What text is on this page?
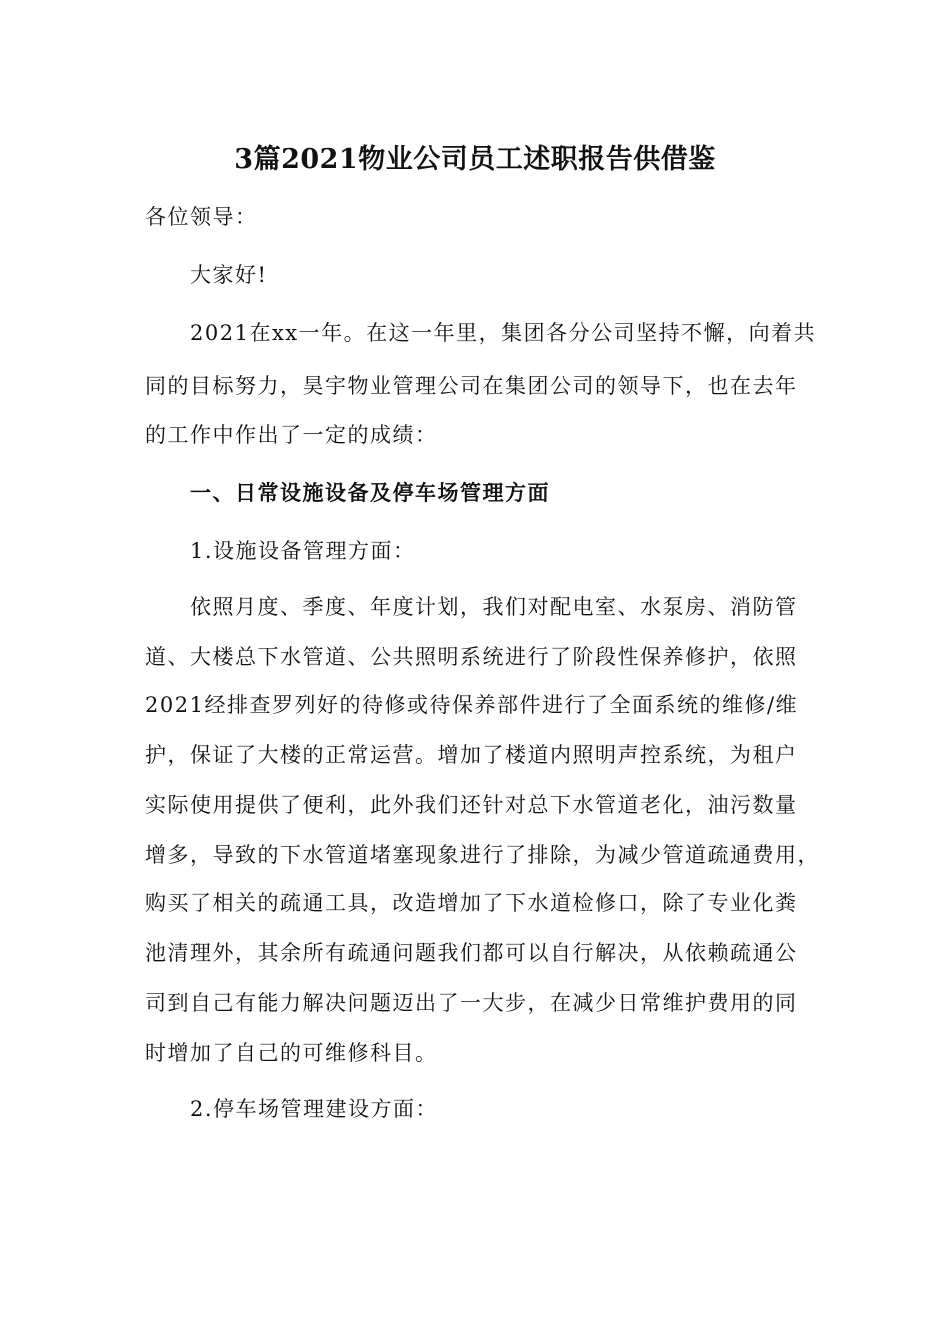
3篇2021物业公司员工述职报告供借鉴
各位领导：
大家好!
2021在xx一年。在这一年里，集团各分公司坚持不懈，向着共
同的目标努力，昊宇物业管理公司在集团公司的领导下，也在去年
的工作中作出了一定的成绩：
一、日常设施设备及停车场管理方面
1.设施设备管理方面：
依照月度、季度、年度计划，我们对配电室、水泵房、消防管
道、大楼总下水管道、公共照明系统进行了阶段性保养修护，依照
2021经排查罗列好的待修或待保养部件进行了全面系统的维修/维
护，保证了大楼的正常运营。增加了楼道内照明声控系统，为租户
实际使用提供了便利，此外我们还针对总下水管道老化，油污数量
增多，导致的下水管道堵塞现象进行了排除，为减少管道疏通费用，
购买了相关的疏通工具，改造增加了下水道检修口，除了专业化粪
池清理外，其余所有疏通问题我们都可以自行解决，从依赖疏通公
司到自己有能力解决问题迈出了一大步，在减少日常维护费用的同
时增加了自己的可维修科目。
2.停车场管理建设方面：
